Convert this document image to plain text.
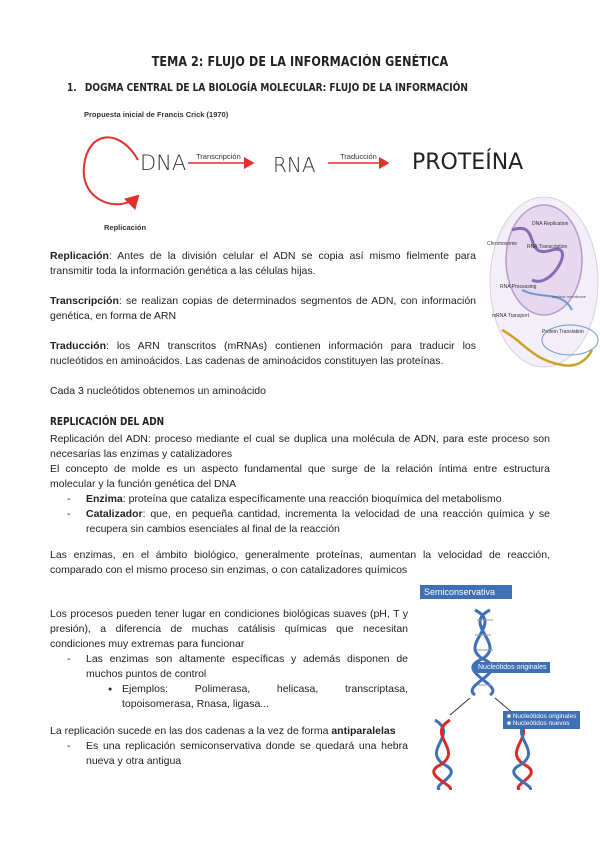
TEMA 2: FLUJO DE LA INFORMACIÓN GENÉTICA
1. DOGMA CENTRAL DE LA BIOLOGÍA MOLECULAR: FLUJO DE LA INFORMACIÓN
Propuesta inicial de Francis Crick (1970)
DNA Transcripción RNA	Traducción PROTEÍNA
Replicación	DNA Replication
RNA Transcription
Chromosome
RNA Processing
mRNA Transport
Protein Translation
Nuclear membrane

Replicación: Antes de la división celular el ADN se copia así mismo fielmente para transmitir toda la información genética a las células hijas.

Transcripción: se realizan copias de determinados segmentos de ADN, con información genética, en forma de ARN

Traducción: los ARN transcritos (mRNAs) contienen información para traducir los nucleótidos en aminoácidos. Las cadenas de aminoácidos constituyen las proteínas.

Cada 3 nucleótidos obtenemos un aminoácido

REPLICACIÓN DEL ADN

Replicación del ADN: proceso mediante el cual se duplica una molécula de ADN, para este proceso son necesarias las enzimas y catalizadores

El concepto de molde es un aspecto fundamental que surge de la relación íntima entre estructura molecular y la función genética del DNA

- Enzima: proteína que cataliza específicamente una reacción bioquímica del metabolismo
- Catalizador: que, en pequeña cantidad, incrementa la velocidad de una reacción química y se recupera sin cambios esenciales al final de la reacción

Las enzimas, en el ámbito biológico, generalmente proteínas, aumentan la velocidad de reacción, comparado con el mismo proceso sin enzimas, o con catalizadores químicos

Los procesos pueden tener lugar en condiciones biológicas suaves (pH, T y presión), a diferencia de muchas catálisis químicas que necesitan condiciones muy extremas para funcionar

- Las enzimas son altamente específicas y además disponen de muchos puntos de control
● Ejemplos: Polimerasa, helicasa, transcriptasa, topoisomerasa, Rnasa, ligasa...

La replicación sucede en las dos cadenas a la vez de forma antiparalelas

- Es una replicación semiconservativa donde se quedará una hebra nueva y otra antigua
Semiconservativa
Nucleótidos originales
■ Nucleótidos originales
■ Nucleótidos nuevos
